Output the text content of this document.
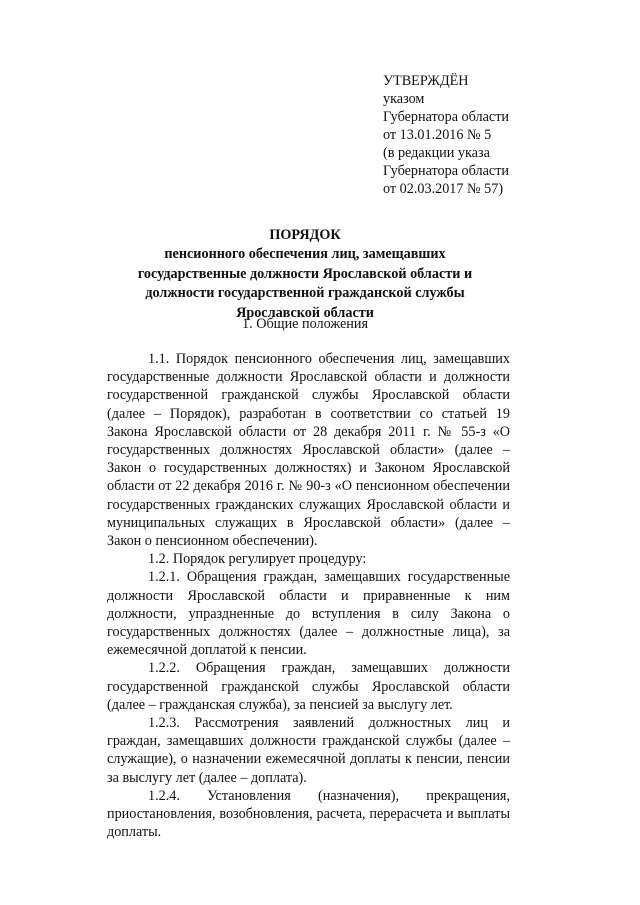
УТВЕРЖДЁН
указом
Губернатора области
от 13.01.2016 № 5
(в редакции указа
Губернатора области
от 02.03.2017 № 57)
ПОРЯДОК
пенсионного обеспечения лиц, замещавших государственные должности Ярославской области и должности государственной гражданской службы Ярославской области
1. Общие положения

1.1. Порядок пенсионного обеспечения лиц, замещавших государственные должности Ярославской области и должности государственной гражданской службы Ярославской области (далее – Порядок), разработан в соответствии со статьей 19 Закона Ярославской области от 28 декабря 2011 г. № 55-з «О государственных должностях Ярославской области» (далее – Закон о государственных должностях) и Законом Ярославской области от 22 декабря 2016 г. № 90-з «О пенсионном обеспечении государственных гражданских служащих Ярославской области и муниципальных служащих в Ярославской области» (далее – Закон о пенсионном обеспечении).

1.2. Порядок регулирует процедуру:

1.2.1. Обращения граждан, замещавших государственные должности Ярославской области и приравненные к ним должности, упраздненные до вступления в силу Закона о государственных должностях (далее – должностные лица), за ежемесячной доплатой к пенсии.

1.2.2. Обращения граждан, замещавших должности государственной гражданской службы Ярославской области (далее – гражданская служба), за пенсией за выслугу лет.

1.2.3. Рассмотрения заявлений должностных лиц и граждан, замещавших должности гражданской службы (далее – служащие), о назначении ежемесячной доплаты к пенсии, пенсии за выслугу лет (далее – доплата).

1.2.4. Установления (назначения), прекращения, приостановления, возобновления, расчета, перерасчета и выплаты доплаты.
